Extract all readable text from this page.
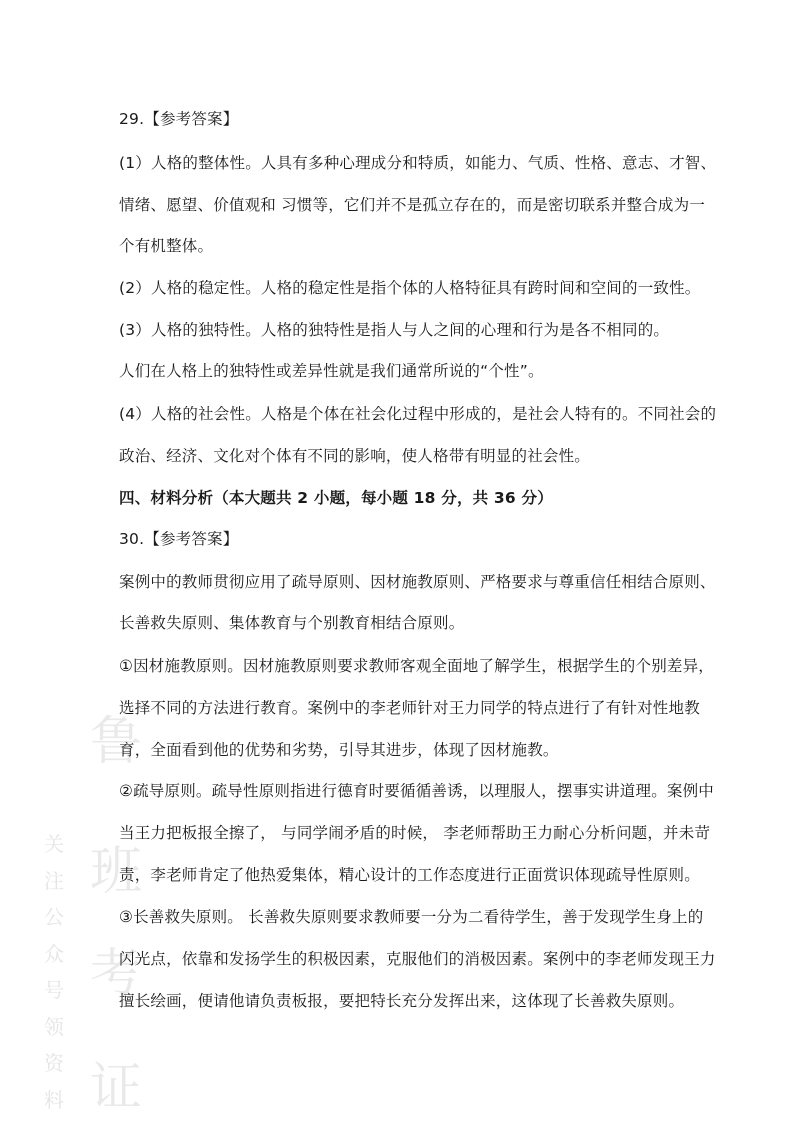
鲁
班
考
证
关
注
公
众
号
领
资
料
29.【参考答案】
(1）人格的整体性。人具有多种心理成分和特质，如能力、气质、性格、意志、才智、
情绪、愿望、价值观和 习惯等，它们并不是孤立存在的，而是密切联系并整合成为一
个有机整体。
(2）人格的稳定性。人格的稳定性是指个体的人格特征具有跨时间和空间的一致性。
(3）人格的独特性。人格的独特性是指人与人之间的心理和行为是各不相同的。
人们在人格上的独特性或差异性就是我们通常所说的“个性”。
(4）人格的社会性。人格是个体在社会化过程中形成的，是社会人特有的。不同社会的
政治、经济、文化对个体有不同的影响，使人格带有明显的社会性。
四、材料分析（本大题共 2 小题，每小题 18 分，共 36 分）
30.【参考答案】
案例中的教师贯彻应用了疏导原则、因材施教原则、严格要求与尊重信任相结合原则、
长善救失原则、集体教育与个别教育相结合原则。
①因材施教原则。因材施教原则要求教师客观全面地了解学生，根据学生的个别差异，
选择不同的方法进行教育。案例中的李老师针对王力同学的特点进行了有针对性地教
育，全面看到他的优势和劣势，引导其进步，体现了因材施教。
②疏导原则。疏导性原则指进行德育时要循循善诱，以理服人，摆事实讲道理。案例中
当王力把板报全擦了， 与同学闹矛盾的时候， 李老师帮助王力耐心分析问题，并未苛
责，李老师肯定了他热爱集体，精心设计的工作态度进行正面赏识体现疏导性原则。
③长善救失原则。 长善救失原则要求教师要一分为二看待学生，善于发现学生身上的
闪光点，依靠和发扬学生的积极因素，克服他们的消极因素。案例中的李老师发现王力
擅长绘画，便请他请负责板报，要把特长充分发挥出来，这体现了长善救失原则。
